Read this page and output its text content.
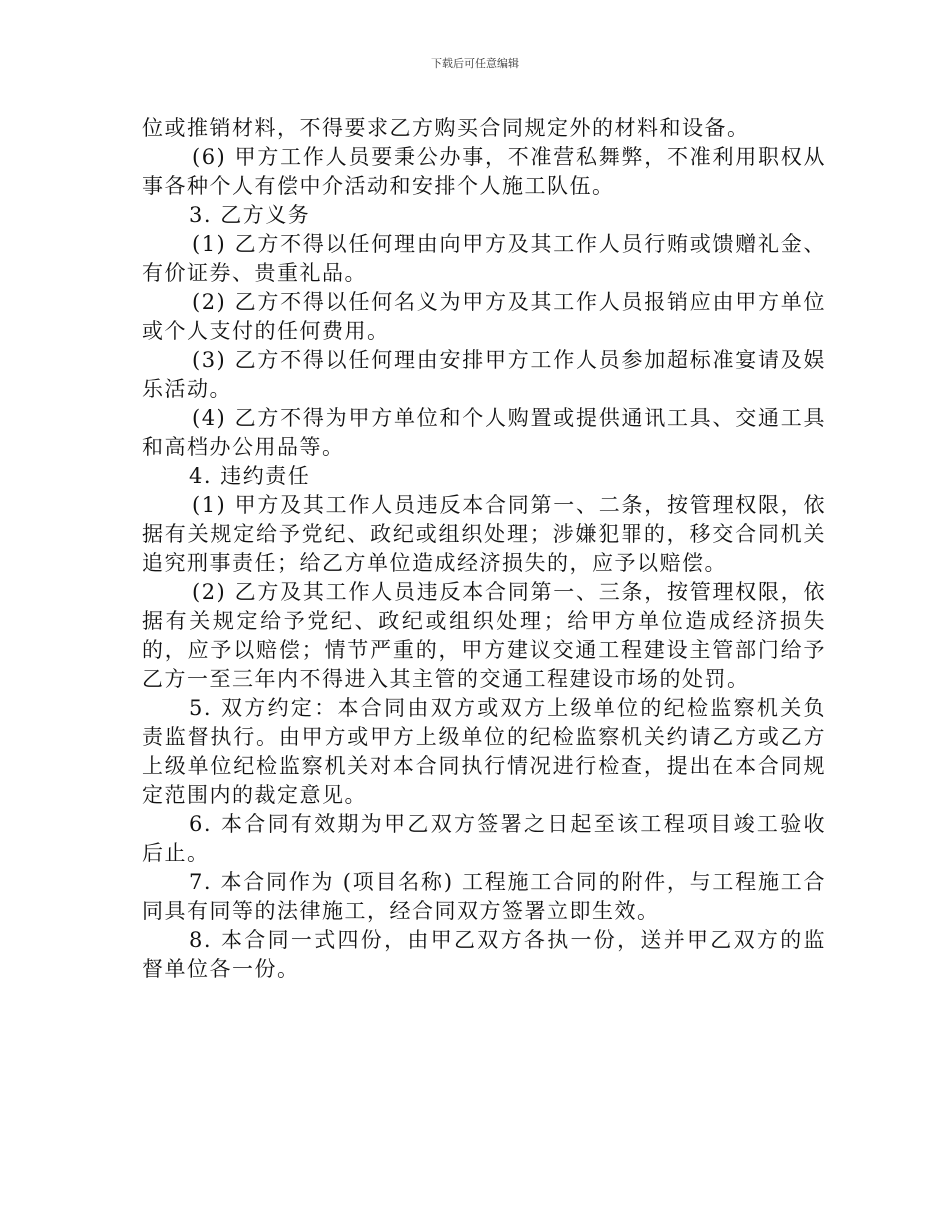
下载后可任意编辑

位或推销材料，不得要求乙方购买合同规定外的材料和设备。

(6) 甲方工作人员要秉公办事，不准营私舞弊，不准利用职权从事各种个人有偿中介活动和安排个人施工队伍。

3. 乙方义务

(1) 乙方不得以任何理由向甲方及其工作人员行贿或馈赠礼金、有价证券、贵重礼品。

(2) 乙方不得以任何名义为甲方及其工作人员报销应由甲方单位或个人支付的任何费用。

(3) 乙方不得以任何理由安排甲方工作人员参加超标准宴请及娱乐活动。

(4) 乙方不得为甲方单位和个人购置或提供通讯工具、交通工具和高档办公用品等。

4. 违约责任

(1) 甲方及其工作人员违反本合同第一、二条，按管理权限，依据有关规定给予党纪、政纪或组织处理；涉嫌犯罪的，移交合同机关追究刑事责任；给乙方单位造成经济损失的，应予以赔偿。

(2) 乙方及其工作人员违反本合同第一、三条，按管理权限，依据有关规定给予党纪、政纪或组织处理；给甲方单位造成经济损失的，应予以赔偿；情节严重的，甲方建议交通工程建设主管部门给予乙方一至三年内不得进入其主管的交通工程建设市场的处罚。

5. 双方约定：本合同由双方或双方上级单位的纪检监察机关负责监督执行。由甲方或甲方上级单位的纪检监察机关约请乙方或乙方上级单位纪检监察机关对本合同执行情况进行检查，提出在本合同规定范围内的裁定意见。

6. 本合同有效期为甲乙双方签署之日起至该工程项目竣工验收后止。

7. 本合同作为 (项目名称) 工程施工合同的附件，与工程施工合同具有同等的法律施工，经合同双方签署立即生效。

8. 本合同一式四份，由甲乙双方各执一份，送并甲乙双方的监督单位各一份。
